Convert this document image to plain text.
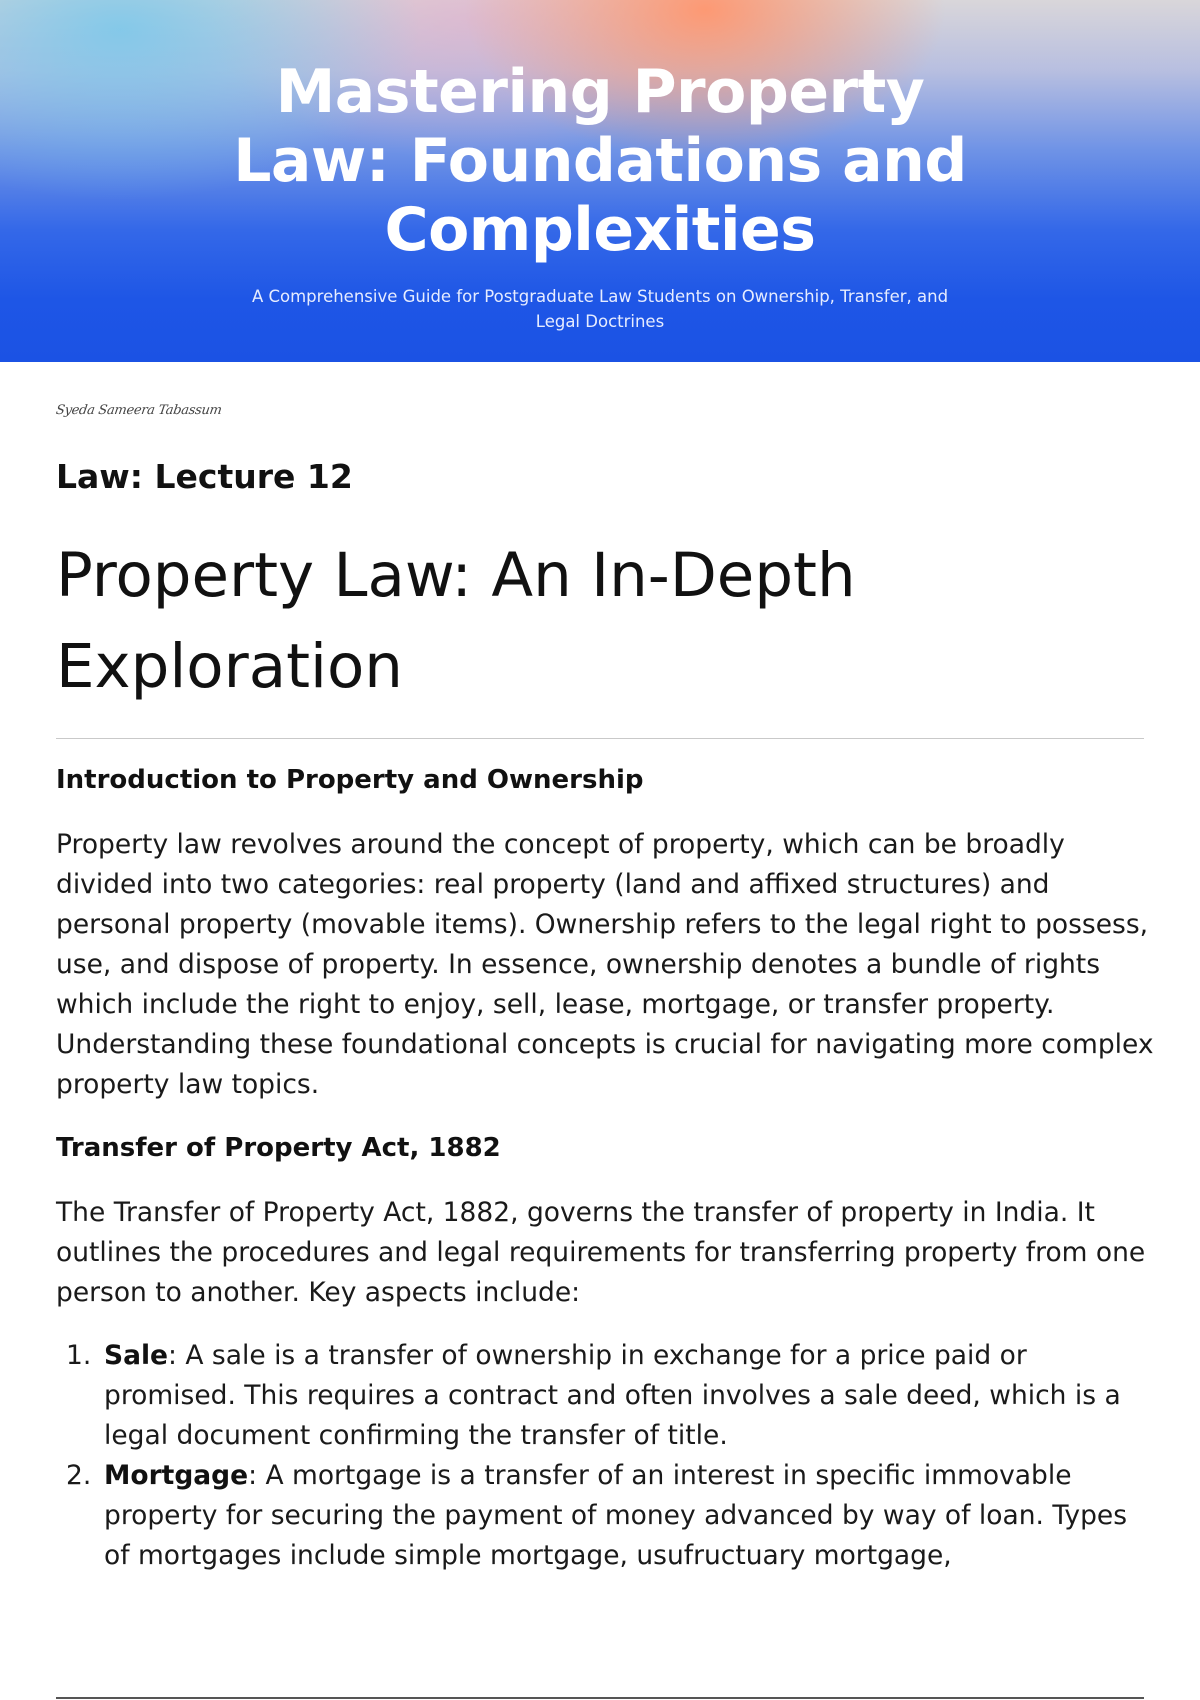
Mastering Property Law: Foundations and Complexities

A Comprehensive Guide for Postgraduate Law Students on Ownership, Transfer, and Legal Doctrines

Syeda Sameera Tabassum
Law: Lecture 12
Property Law: An In-Depth Exploration
Introduction to Property and Ownership

Property law revolves around the concept of property, which can be broadly divided into two categories: real property (land and affixed structures) and personal property (movable items). Ownership refers to the legal right to possess, use, and dispose of property. In essence, ownership denotes a bundle of rights which include the right to enjoy, sell, lease, mortgage, or transfer property. Understanding these foundational concepts is crucial for navigating more complex property law topics.

Transfer of Property Act, 1882

The Transfer of Property Act, 1882, governs the transfer of property in India. It outlines the procedures and legal requirements for transferring property from one person to another. Key aspects include:

1. Sale: A sale is a transfer of ownership in exchange for a price paid or promised. This requires a contract and often involves a sale deed, which is a legal document confirming the transfer of title.
2. Mortgage: A mortgage is a transfer of an interest in specific immovable property for securing the payment of money advanced by way of loan. Types of mortgages include simple mortgage, usufructuary mortgage,
